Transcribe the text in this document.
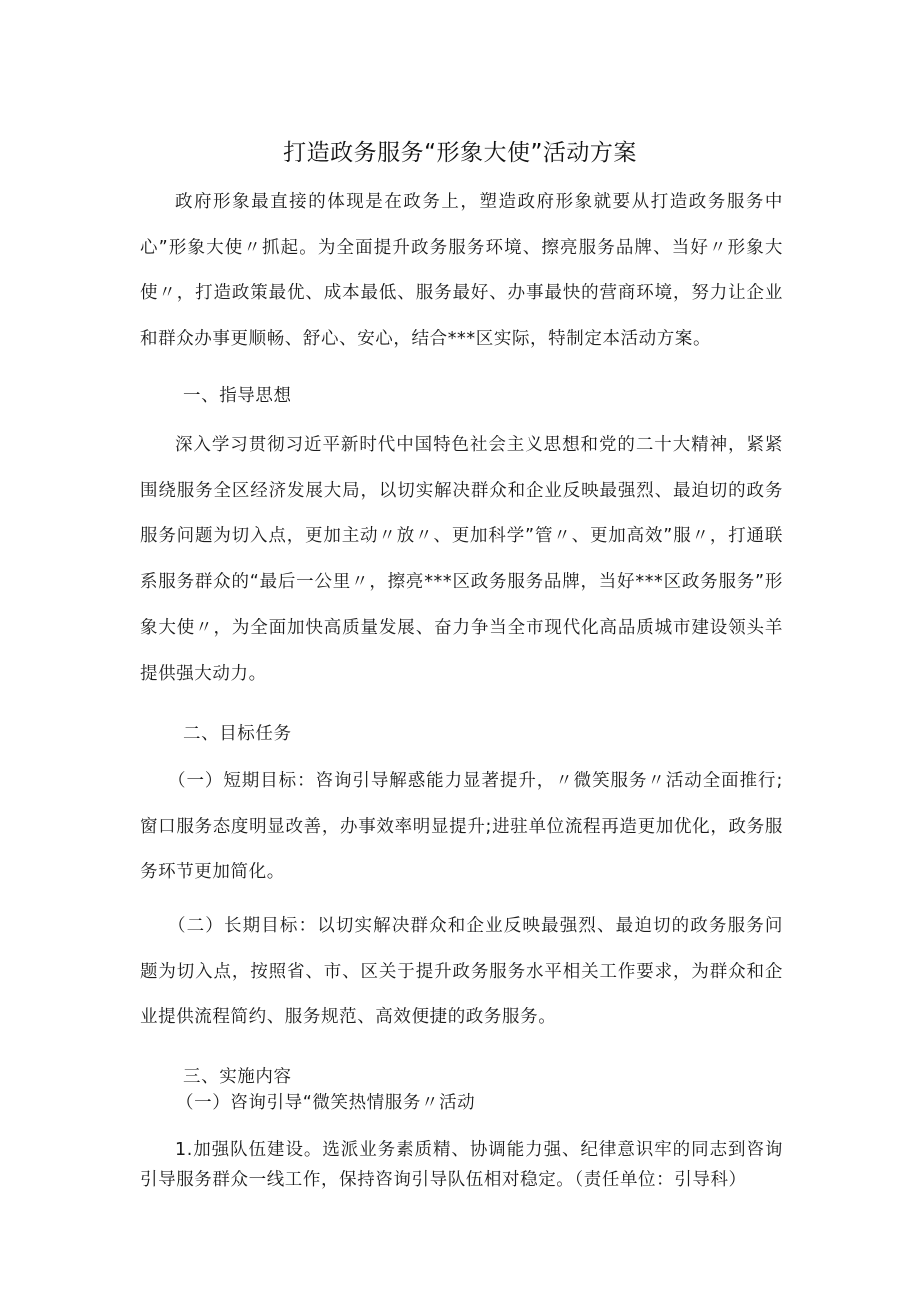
打造政务服务“形象大使”活动方案

政府形象最直接的体现是在政务上，塑造政府形象就要从打造政务服务中心”形象大使〃抓起。为全面提升政务服务环境、擦亮服务品牌、当好〃形象大使〃，打造政策最优、成本最低、服务最好、办事最快的营商环境，努力让企业和群众办事更顺畅、舒心、安心，结合***区实际，特制定本活动方案。

一、指导思想

深入学习贯彻习近平新时代中国特色社会主义思想和党的二十大精神，紧紧围绕服务全区经济发展大局，以切实解决群众和企业反映最强烈、最迫切的政务服务问题为切入点，更加主动〃放〃、更加科学”管〃、更加高效”服〃，打通联系服务群众的“最后一公里〃，擦亮***区政务服务品牌，当好***区政务服务”形象大使〃，为全面加快高质量发展、奋力争当全市现代化高品质城市建设领头羊提供强大动力。

二、目标任务

（一）短期目标：咨询引导解惑能力显著提升，〃微笑服务〃活动全面推行;窗口服务态度明显改善，办事效率明显提升;进驻单位流程再造更加优化，政务服务环节更加简化。

（二）长期目标：以切实解决群众和企业反映最强烈、最迫切的政务服务问题为切入点，按照省、市、区关于提升政务服务水平相关工作要求，为群众和企业提供流程简约、服务规范、高效便捷的政务服务。

三、实施内容

（一）咨询引导“微笑热情服务〃活动

1.加强队伍建设。选派业务素质精、协调能力强、纪律意识牢的同志到咨询引导服务群众一线工作，保持咨询引导队伍相对稳定。（责任单位：引导科）
